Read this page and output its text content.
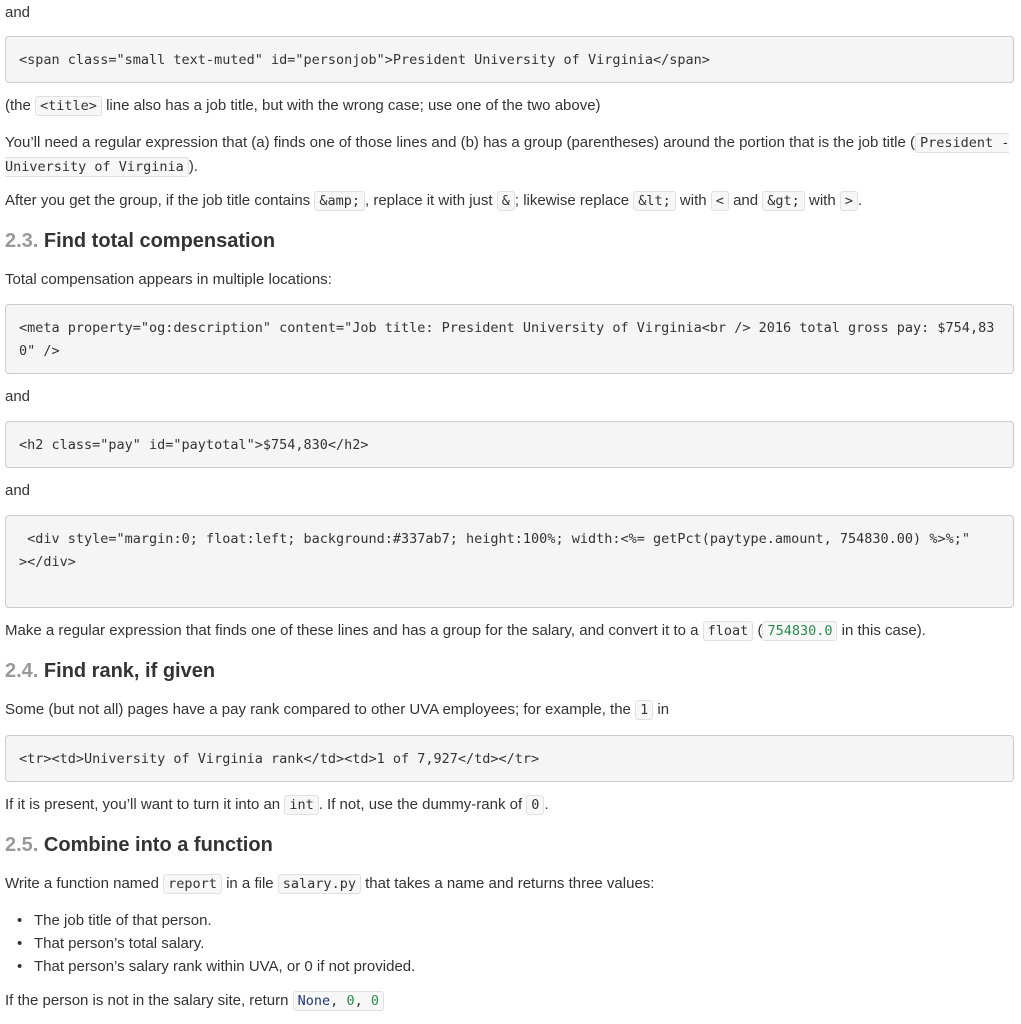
and

<span class="small text-muted" id="personjob">President University of Virginia</span>

(the <title> line also has a job title, but with the wrong case; use one of the two above)

You’ll need a regular expression that (a) finds one of those lines and (b) has a group (parentheses) around the portion that is the job title ( President - University of Virginia ).

After you get the group, if the job title contains &amp; , replace it with just & ; likewise replace &lt; with < and &gt; with > .

2.3. Find total compensation

Total compensation appears in multiple locations:

<meta property="og:description" content="Job title: President University of Virginia<br /> 2016 total gross pay: $754,830" />

and

<h2 class="pay" id="paytotal">$754,830</h2>

and

<div style="margin:0; float:left; background:#337ab7; height:100%; width:<%= getPct(paytype.amount, 754830.00) %>%;"
></div>

Make a regular expression that finds one of these lines and has a group for the salary, and convert it to a float ( 754830.0 in this case).

2.4. Find rank, if given

Some (but not all) pages have a pay rank compared to other UVA employees; for example, the 1 in

<tr><td>University of Virginia rank</td><td>1 of 7,927</td></tr>

If it is present, you’ll want to turn it into an int . If not, use the dummy-rank of 0 .

2.5. Combine into a function

Write a function named report in a file salary.py that takes a name and returns three values:

• The job title of that person.
• That person’s total salary.
• That person’s salary rank within UVA, or 0 if not provided.

If the person is not in the salary site, return None, 0, 0
